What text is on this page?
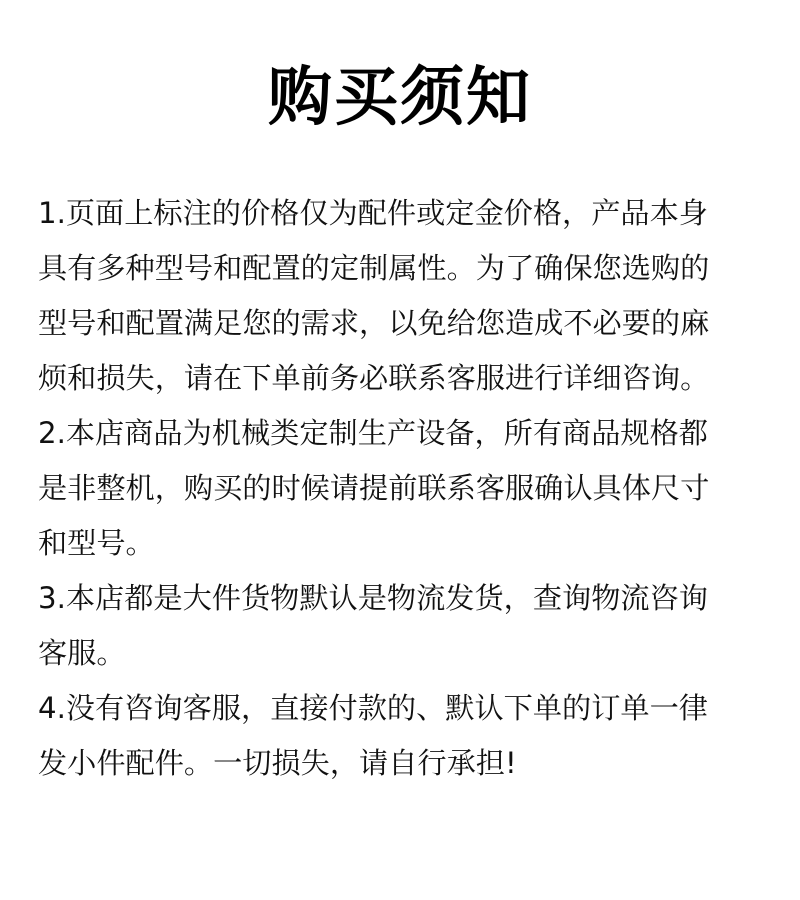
购买须知
1.页面上标注的价格仅为配件或定金价格，产品本身
具有多种型号和配置的定制属性。为了确保您选购的
型号和配置满足您的需求，以免给您造成不必要的麻
烦和损失，请在下单前务必联系客服进行详细咨询。
2.本店商品为机械类定制生产设备，所有商品规格都
是非整机，购买的时候请提前联系客服确认具体尺寸
和型号。
3.本店都是大件货物默认是物流发货，查询物流咨询
客服。
4.没有咨询客服，直接付款的、默认下单的订单一律
发小件配件。一切损失，请自行承担!
